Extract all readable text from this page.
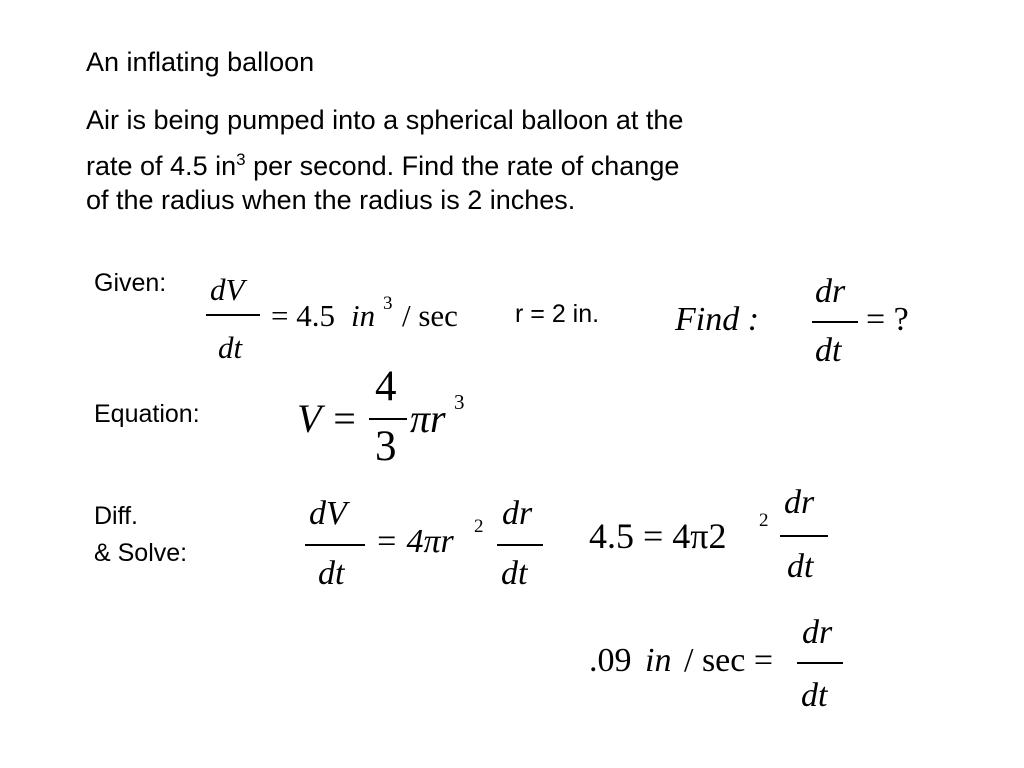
An inflating balloon
Air is being pumped into a spherical balloon at the
rate of 4.5 $in^3$ per second. Find the rate of change
of the radius when the radius is 2 inches.
Given: dV
dt
= 4.5 in 3 / sec r = 2 in. Find :
dr
dt
= ?
Equation: V =
4
3
πr 3
Diff.
& Solve:
dV
dt
= 4πr 2 dr
dt
4.5 = 4π2 2 dr
dt
.09 in / sec =
dr
dt
